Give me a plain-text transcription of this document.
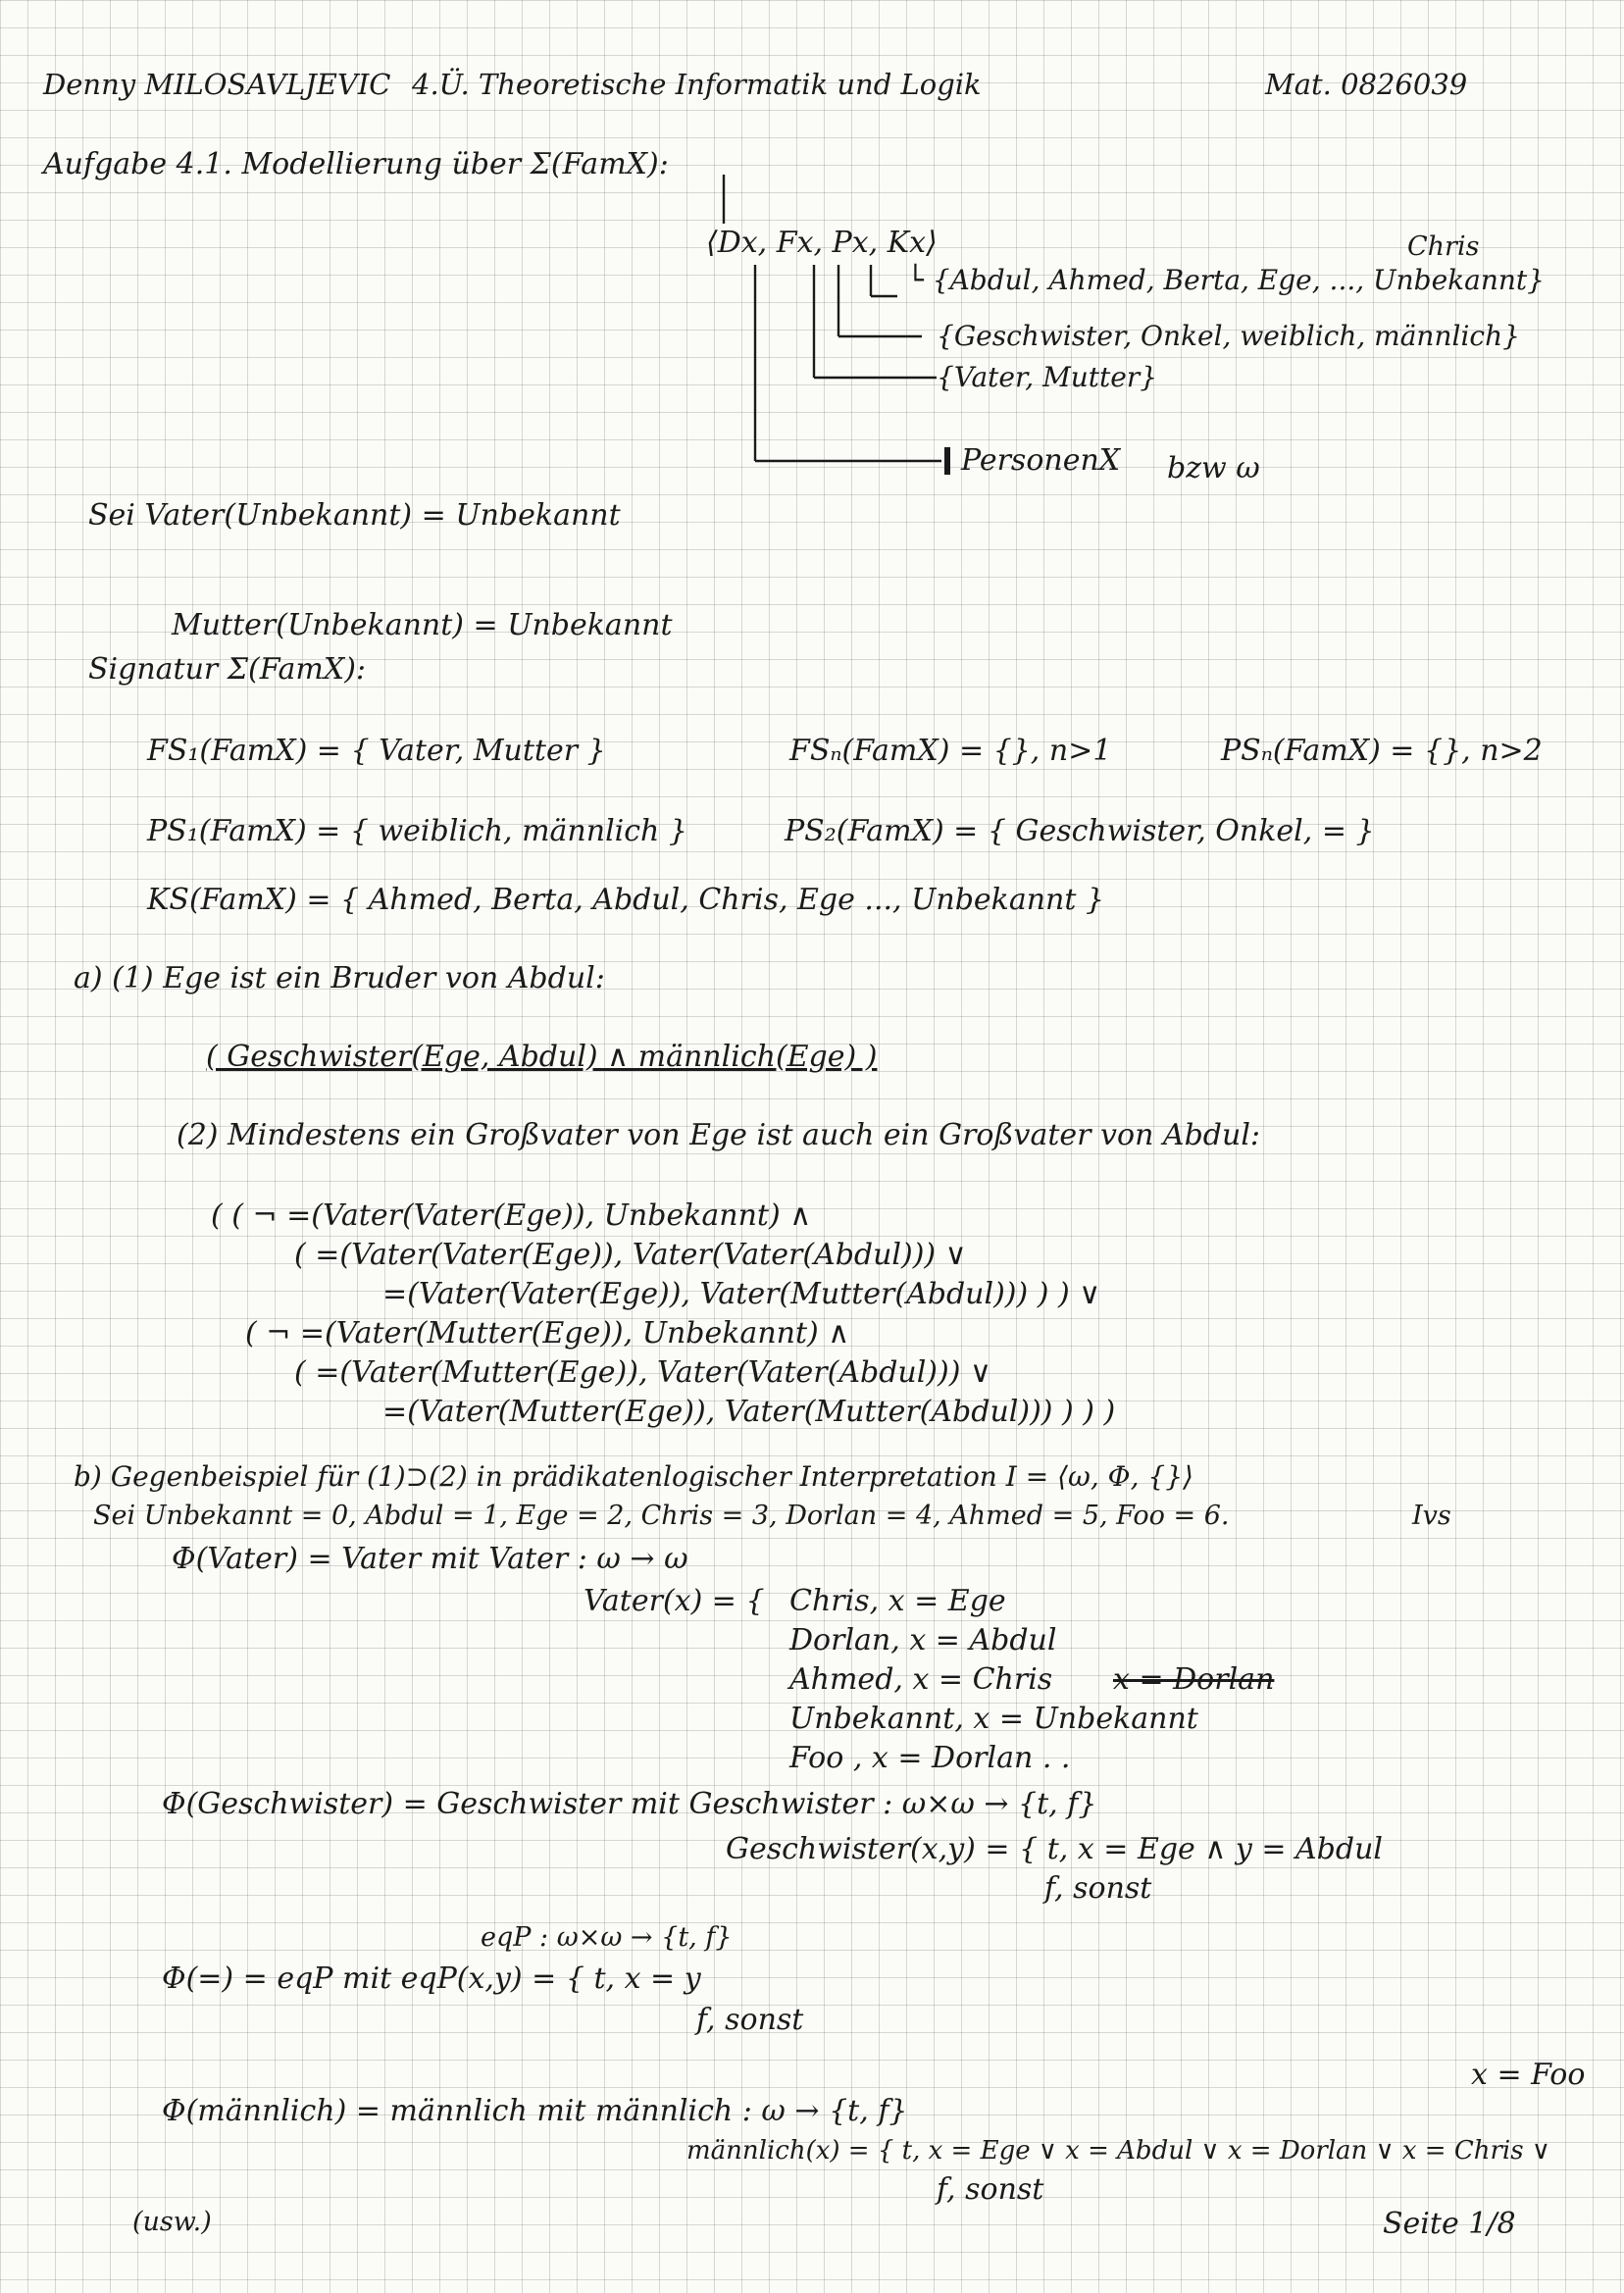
Denny MILOSAVLJEVIC 4.Ü. Theoretische Informatik und Logik	Mat. 0826039
Aufgabe 4.1. Modellierung über Σ(FamX):
⟨Dx, Fx, Px, Kx⟩	Chris
└ {Abdul, Ahmed, Berta, Ege, ..., Unbekannt}
{Geschwister, Onkel, weiblich, männlich}
{Vater, Mutter}
PersonenX bzw ω
Sei Vater(Unbekannt) = Unbekannt
Mutter(Unbekannt) = Unbekannt
Signatur Σ(FamX):
FS₁(FamX) = { Vater, Mutter }	FSₙ(FamX) = {}, n>1	PSₙ(FamX) = {}, n>2
PS₁(FamX) = { weiblich, männlich }	PS₂(FamX) = { Geschwister, Onkel, = }
KS(FamX) = { Ahmed, Berta, Abdul, Chris, Ege ..., Unbekannt }
a) (1) Ege ist ein Bruder von Abdul:
( Geschwister(Ege, Abdul) ∧ männlich(Ege) )
(2) Mindestens ein Großvater von Ege ist auch ein Großvater von Abdul:
( ( ¬ =(Vater(Vater(Ege)), Unbekannt) ∧
( =(Vater(Vater(Ege)), Vater(Vater(Abdul))) ∨
=(Vater(Vater(Ege)), Vater(Mutter(Abdul))) ) ) ∨
( ¬ =(Vater(Mutter(Ege)), Unbekannt) ∧
( =(Vater(Mutter(Ege)), Vater(Vater(Abdul))) ∨
=(Vater(Mutter(Ege)), Vater(Mutter(Abdul))) ) ) )
b) Gegenbeispiel für (1)⊃(2) in prädikatenlogischer Interpretation I = ⟨ω, Φ, {}⟩
Ivs
Sei Unbekannt = 0, Abdul = 1, Ege = 2, Chris = 3, Dorlan = 4, Ahmed = 5, Foo = 6.
Φ(Vater) = Vater mit Vater : ω → ω
Vater(x) = { Chris, x = Ege
Dorlan, x = Abdul
Ahmed, x = Chris x = Dorlan
Unbekannt, x = Unbekannt
Foo , x = Dorlan . .
Φ(Geschwister) = Geschwister mit Geschwister : ω×ω → {t, f}
Geschwister(x,y) = { t, x = Ege ∧ y = Abdul
f, sonst
eqP : ω×ω → {t, f}
Φ(=) = eqP mit eqP(x,y) = { t, x = y
f, sonst
x = Foo
Φ(männlich) = männlich mit männlich : ω → {t, f}
männlich(x) = { t, x = Ege ∨ x = Abdul ∨ x = Dorlan ∨ x = Chris ∨
f, sonst
(usw.)	Seite 1/8
